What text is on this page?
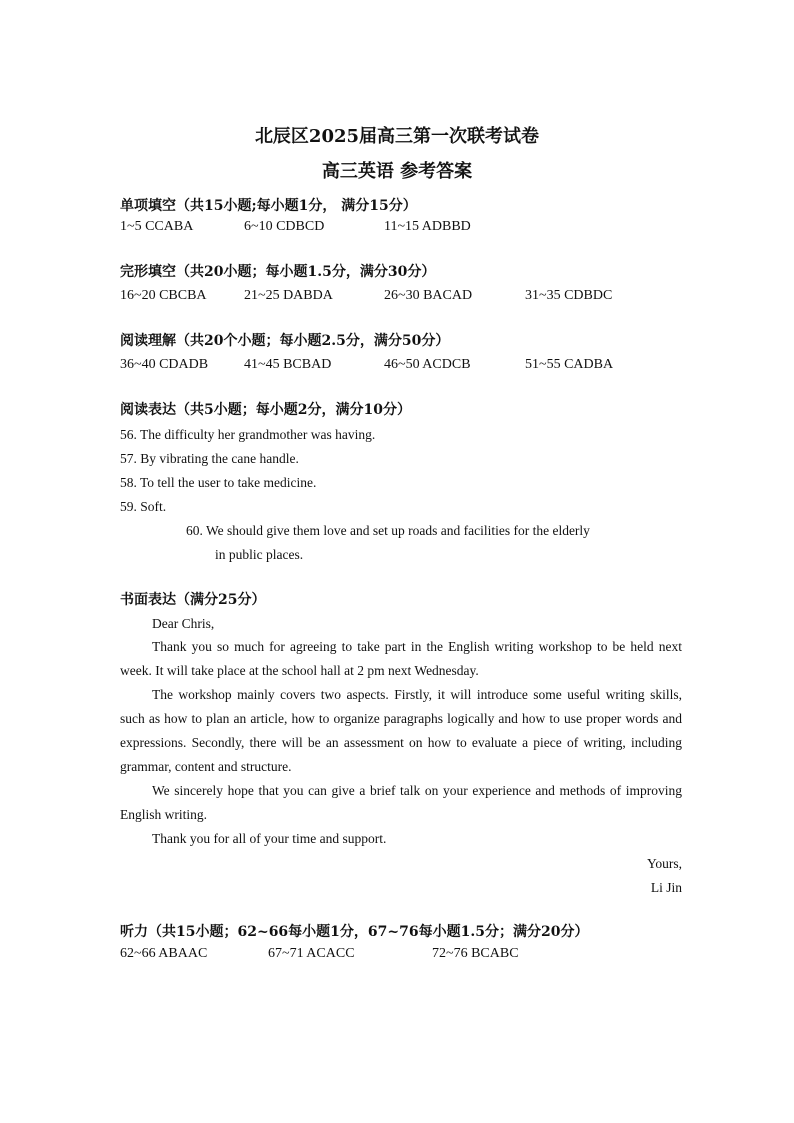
北辰区2025届高三第一次联考试卷
高三英语 参考答案
单项填空（共15小题;每小题1分， 满分15分）
1~5 CCABA	6~10 CDBCD	11~15 ADBBD
完形填空（共20小题；每小题1.5分，满分30分）
16~20 CBCBA	21~25 DABDA	26~30 BACAD	31~35 CDBDC
阅读理解（共20个小题；每小题2.5分，满分50分）
36~40 CDADB	41~45 BCBAD	46~50 ACDCB	51~55 CADBA
阅读表达（共5小题；每小题2分，满分10分）
56. The difficulty her grandmother was having.
57. By vibrating the cane handle.
58. To tell the user to take medicine.
59. Soft.
60. We should give them love and set up roads and facilities for the elderly
in public places.
书面表达（满分25分）
Dear Chris,
Thank you so much for agreeing to take part in the English writing workshop to be held next week. It will take place at the school hall at 2 pm next Wednesday.
The workshop mainly covers two aspects. Firstly, it will introduce some useful writing skills, such as how to plan an article, how to organize paragraphs logically and how to use proper words and expressions. Secondly, there will be an assessment on how to evaluate a piece of writing, including grammar, content and structure.
We sincerely hope that you can give a brief talk on your experience and methods of improving English writing.
Thank you for all of your time and support.
Yours,
Li Jin
听力（共15小题；62~66每小题1分，67~76每小题1.5分；满分20分）
62~66 ABAAC	67~71 ACACC	72~76 BCABC
